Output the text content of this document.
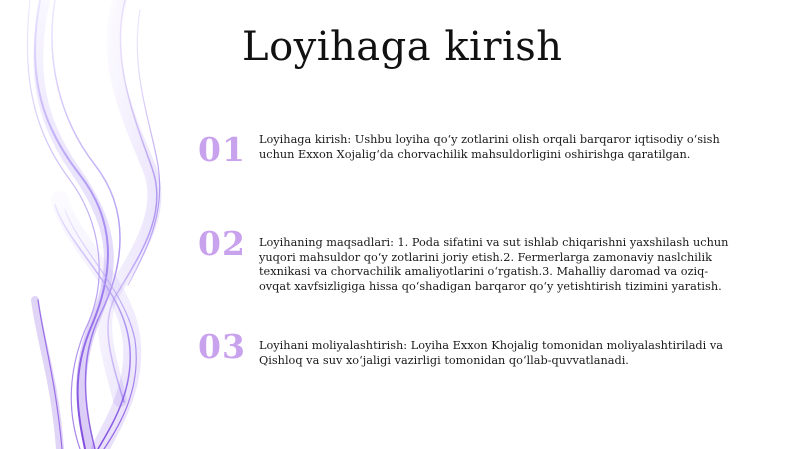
Loyihaga kirish
01 Loyihaga kirish: Ushbu loyiha qo‘y zotlarini olish orqali barqaror iqtisodiy o‘sish uchun Exxon Xojalig‘da chorvachilik mahsuldorligini oshirishga qaratilgan.
02 Loyihaning maqsadlari: 1. Poda sifatini va sut ishlab chiqarishni yaxshilash uchun yuqori mahsuldor qo‘y zotlarini joriy etish.2. Fermerlarga zamonaviy naslchilik texnikasi va chorvachilik amaliyotlarini o‘rgatish.3. Mahalliy daromad va oziq-ovqat xavfsizligiga hissa qo‘shadigan barqaror qo‘y yetishtirish tizimini yaratish.
03 Loyihani moliyalashtirish: Loyiha Exxon Khojalig tomonidan moliyalashtiriladi va Qishloq va suv xo‘jaligi vazirligi tomonidan qo‘llab-quvvatlanadi.
